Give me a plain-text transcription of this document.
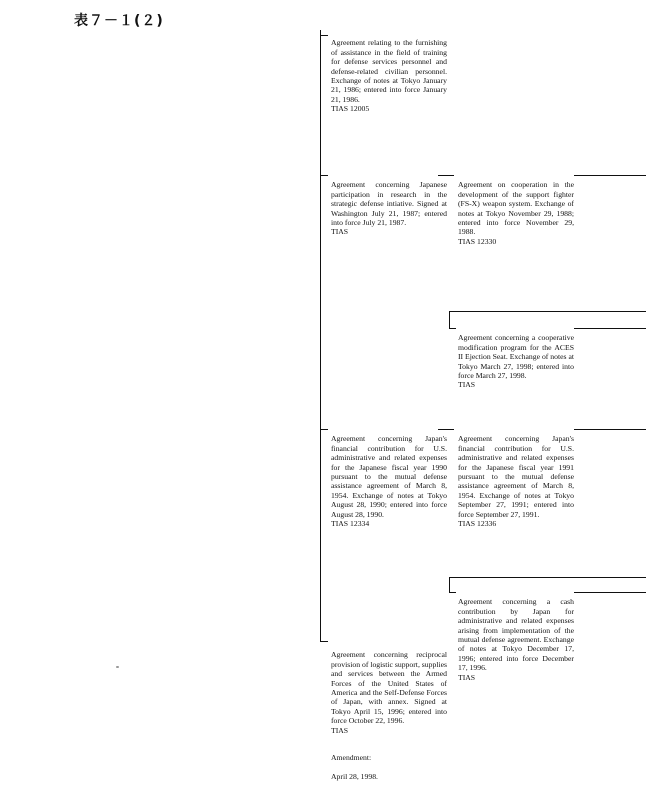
表７－１(２)

Agreement relating to the furnishing of assistance in the field of training for defense services personnel and defense-related civilian personnel. Exchange of notes at Tokyo January 21, 1986; entered into force January 21, 1986.

TIAS 12005

Agreement concerning Japanese participation in research in the strategic defense intiative. Signed at Washington July 21, 1987; entered into force July 21, 1987.

TIAS

Agreement concerning Japan's financial contribution for U.S. administrative and related expenses for the Japanese fiscal year 1990 pursuant to the mutual defense assistance agreement of March 8, 1954. Exchange of notes at Tokyo August 28, 1990; entered into force August 28, 1990.

TIAS 12334

Agreement concerning reciprocal provision of logistic support, supplies and services between the Armed Forces of the United States of America and the Self-Defense Forces of Japan, with annex. Signed at Tokyo April 15, 1996; entered into force October 22, 1996.

TIAS

Amendment:

April 28, 1998.

Agreement on cooperation in the development of the support fighter (FS-X) weapon system. Exchange of notes at Tokyo November 29, 1988; entered into force November 29, 1988.

TIAS 12330

Agreement concerning a cooperative modification program for the ACES II Ejection Seat. Exchange of notes at Tokyo March 27, 1998; entered into force March 27, 1998.

TIAS

Agreement concerning Japan's financial contribution for U.S. administrative and related expenses for the Japanese fiscal year 1991 pursuant to the mutual defense assistance agreement of March 8, 1954. Exchange of notes at Tokyo September 27, 1991; entered into force September 27, 1991.

TIAS 12336

Agreement concerning a cash contribution by Japan for administrative and related expenses arising from implementation of the mutual defense agreement. Exchange of notes at Tokyo December 17, 1996; entered into force December 17, 1996.

TIAS
